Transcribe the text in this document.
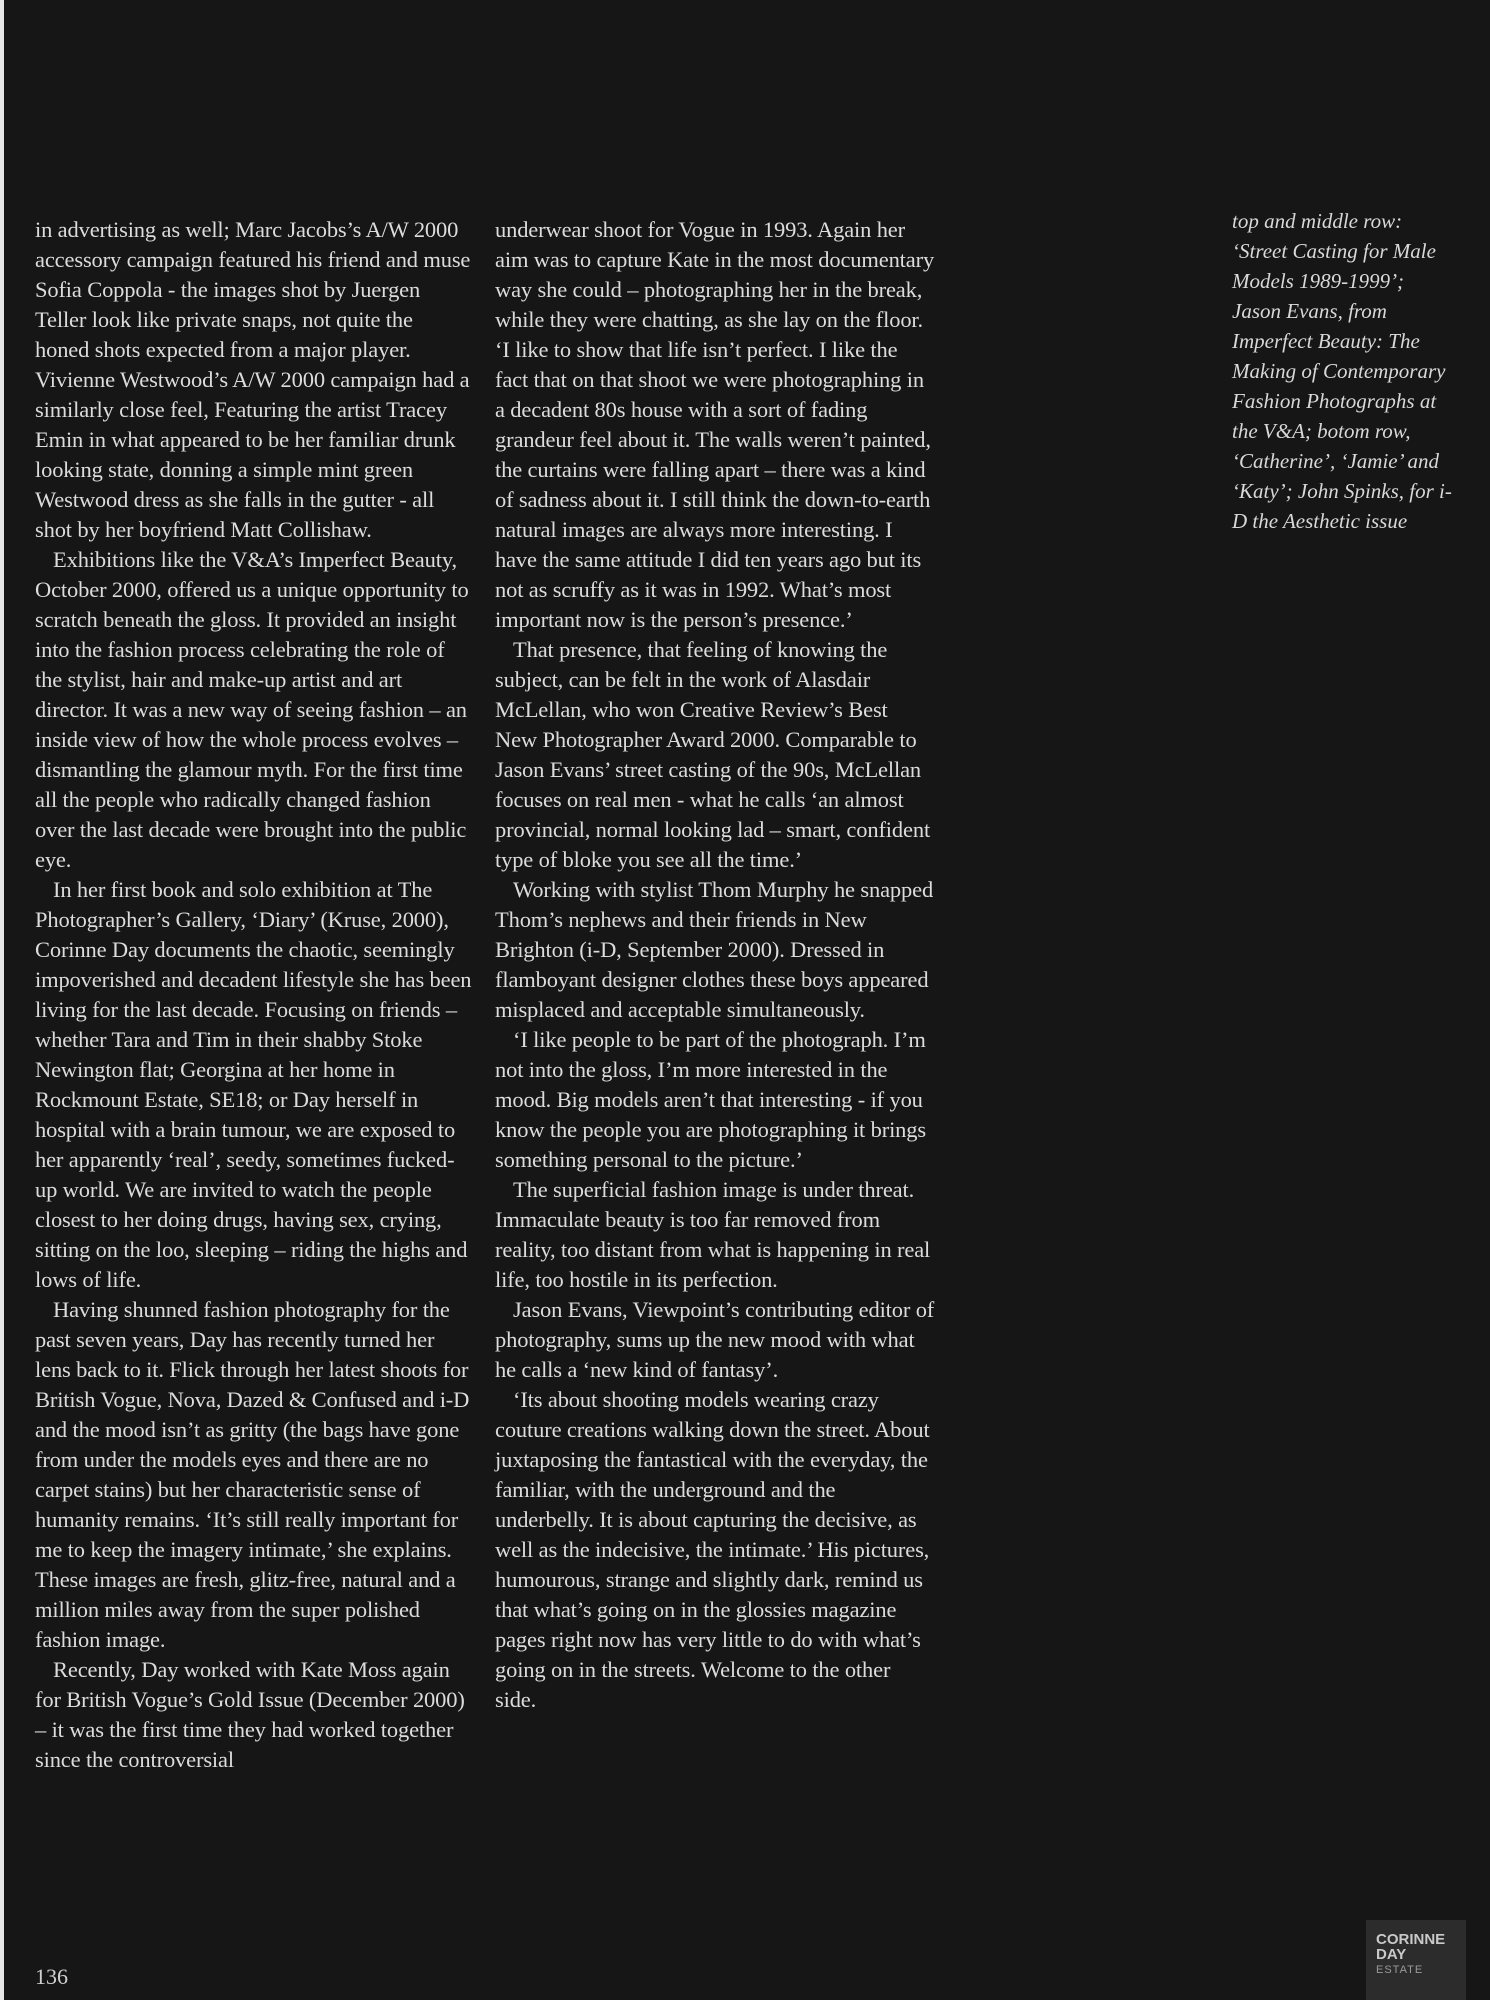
in advertising as well; Marc Jacobs’s A/W 2000 accessory campaign featured his friend and muse Sofia Coppola - the images shot by Juergen Teller look like private snaps, not quite the honed shots expected from a major player. Vivienne Westwood’s A/W 2000 campaign had a similarly close feel, Featuring the artist Tracey Emin in what appeared to be her familiar drunk looking state, donning a simple mint green Westwood dress as she falls in the gutter - all shot by her boyfriend Matt Collishaw.

Exhibitions like the V&A’s Imperfect Beauty, October 2000, offered us a unique opportunity to scratch beneath the gloss. It provided an insight into the fashion process celebrating the role of the stylist, hair and make-up artist and art director. It was a new way of seeing fashion – an inside view of how the whole process evolves – dismantling the glamour myth. For the first time all the people who radically changed fashion over the last decade were brought into the public eye.

In her first book and solo exhibition at The Photographer’s Gallery, ‘Diary’ (Kruse, 2000), Corinne Day documents the chaotic, seemingly impoverished and decadent lifestyle she has been living for the last decade. Focusing on friends – whether Tara and Tim in their shabby Stoke Newington flat; Georgina at her home in Rockmount Estate, SE18; or Day herself in hospital with a brain tumour, we are exposed to her apparently ‘real’, seedy, sometimes fucked-up world. We are invited to watch the people closest to her doing drugs, having sex, crying, sitting on the loo, sleeping – riding the highs and lows of life.

Having shunned fashion photography for the past seven years, Day has recently turned her lens back to it. Flick through her latest shoots for British Vogue, Nova, Dazed & Confused and i-D and the mood isn’t as gritty (the bags have gone from under the models eyes and there are no carpet stains) but her characteristic sense of humanity remains. ‘It’s still really important for me to keep the imagery intimate,’ she explains. These images are fresh, glitz-free, natural and a million miles away from the super polished fashion image.

Recently, Day worked with Kate Moss again for British Vogue’s Gold Issue (December 2000) – it was the first time they had worked together since the controversial

underwear shoot for Vogue in 1993. Again her aim was to capture Kate in the most documentary way she could – photographing her in the break, while they were chatting, as she lay on the floor. ‘I like to show that life isn’t perfect. I like the fact that on that shoot we were photographing in a decadent 80s house with a sort of fading grandeur feel about it. The walls weren’t painted, the curtains were falling apart – there was a kind of sadness about it. I still think the down-to-earth natural images are always more interesting. I have the same attitude I did ten years ago but its not as scruffy as it was in 1992. What’s most important now is the person’s presence.’

That presence, that feeling of knowing the subject, can be felt in the work of Alasdair McLellan, who won Creative Review’s Best New Photographer Award 2000. Comparable to Jason Evans’ street casting of the 90s, McLellan focuses on real men - what he calls ‘an almost provincial, normal looking lad – smart, confident type of bloke you see all the time.’

Working with stylist Thom Murphy he snapped Thom’s nephews and their friends in New Brighton (i-D, September 2000). Dressed in flamboyant designer clothes these boys appeared misplaced and acceptable simultaneously.

‘I like people to be part of the photograph. I’m not into the gloss, I’m more interested in the mood. Big models aren’t that interesting - if you know the people you are photographing it brings something personal to the picture.’

The superficial fashion image is under threat. Immaculate beauty is too far removed from reality, too distant from what is happening in real life, too hostile in its perfection.

Jason Evans, Viewpoint’s contributing editor of photography, sums up the new mood with what he calls a ‘new kind of fantasy’.

‘Its about shooting models wearing crazy couture creations walking down the street. About juxtaposing the fantastical with the everyday, the familiar, with the underground and the underbelly. It is about capturing the decisive, as well as the indecisive, the intimate.’ His pictures, humourous, strange and slightly dark, remind us that what’s going on in the glossies magazine pages right now has very little to do with what’s going on in the streets. Welcome to the other side.

top and middle row: ‘Street Casting for Male Models 1989-1999’; Jason Evans, from Imperfect Beauty: The Making of Contemporary Fashion Photographs at the V&A; botom row, ‘Catherine’, ‘Jamie’ and ‘Katy’; John Spinks, for i-D the Aesthetic issue
136
CORINNE
DAY
ESTATE
